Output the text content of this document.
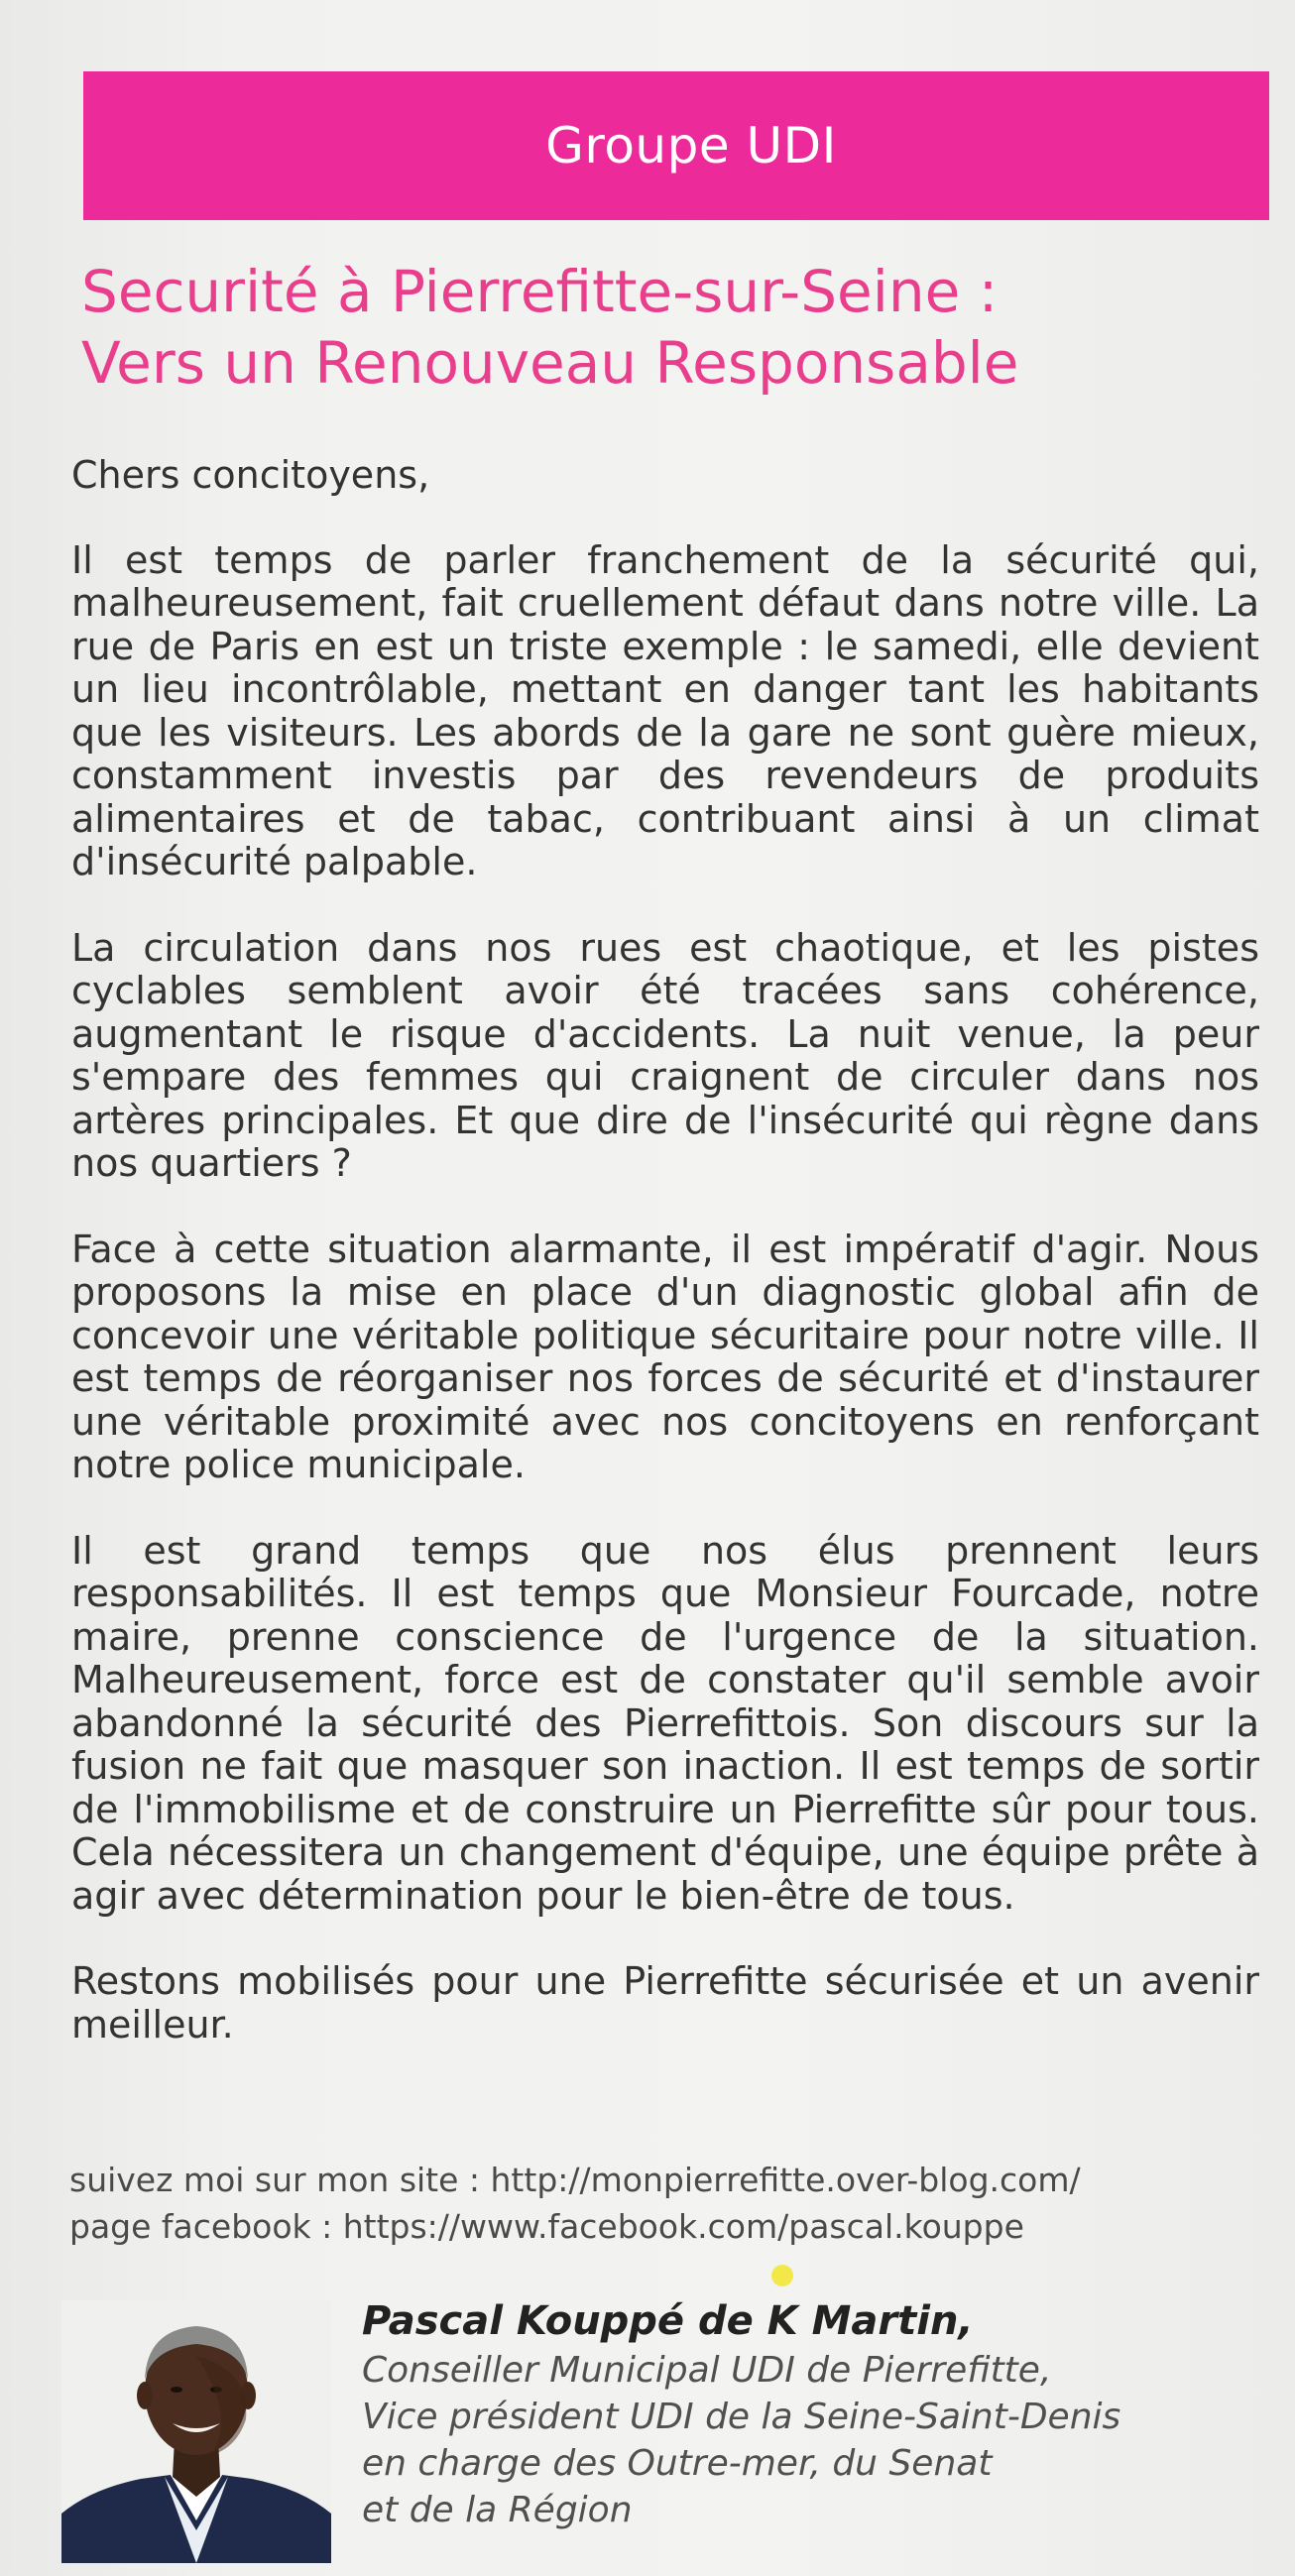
Groupe UDI
Securité à Pierrefitte-sur-Seine :
Vers un Renouveau Responsable

Chers concitoyens,

Il est temps de parler franchement de la sécurité qui, malheureusement, fait cruellement défaut dans notre ville. La rue de Paris en est un triste exemple : le samedi, elle devient un lieu incontrôlable, mettant en danger tant les habitants que les visiteurs. Les abords de la gare ne sont guère mieux, constamment investis par des revendeurs de produits alimentaires et de tabac, contribuant ainsi à un climat d'insécurité palpable.

La circulation dans nos rues est chaotique, et les pistes cyclables semblent avoir été tracées sans cohérence, augmentant le risque d'accidents. La nuit venue, la peur s'empare des femmes qui craignent de circuler dans nos artères principales. Et que dire de l'insécurité qui règne dans nos quartiers ?

Face à cette situation alarmante, il est impératif d'agir. Nous proposons la mise en place d'un diagnostic global afin de concevoir une véritable politique sécuritaire pour notre ville. Il est temps de réorganiser nos forces de sécurité et d'instaurer une véritable proximité avec nos concitoyens en renforçant notre police municipale.

Il est grand temps que nos élus prennent leurs responsabilités. Il est temps que Monsieur Fourcade, notre maire, prenne conscience de l'urgence de la situation. Malheureusement, force est de constater qu'il semble avoir abandonné la sécurité des Pierrefittois. Son discours sur la fusion ne fait que masquer son inaction. Il est temps de sortir de l'immobilisme et de construire un Pierrefitte sûr pour tous. Cela nécessitera un changement d'équipe, une équipe prête à agir avec détermination pour le bien-être de tous.

Restons mobilisés pour une Pierrefitte sécurisée et un avenir meilleur.

suivez moi sur mon site : http://monpierrefitte.over-blog.com/
page facebook : https://www.facebook.com/pascal.kouppe
Pascal Kouppé de K Martin,
Conseiller Municipal UDI de Pierrefitte,
Vice président UDI de la Seine-Saint-Denis
en charge des Outre-mer, du Senat
et de la Région
